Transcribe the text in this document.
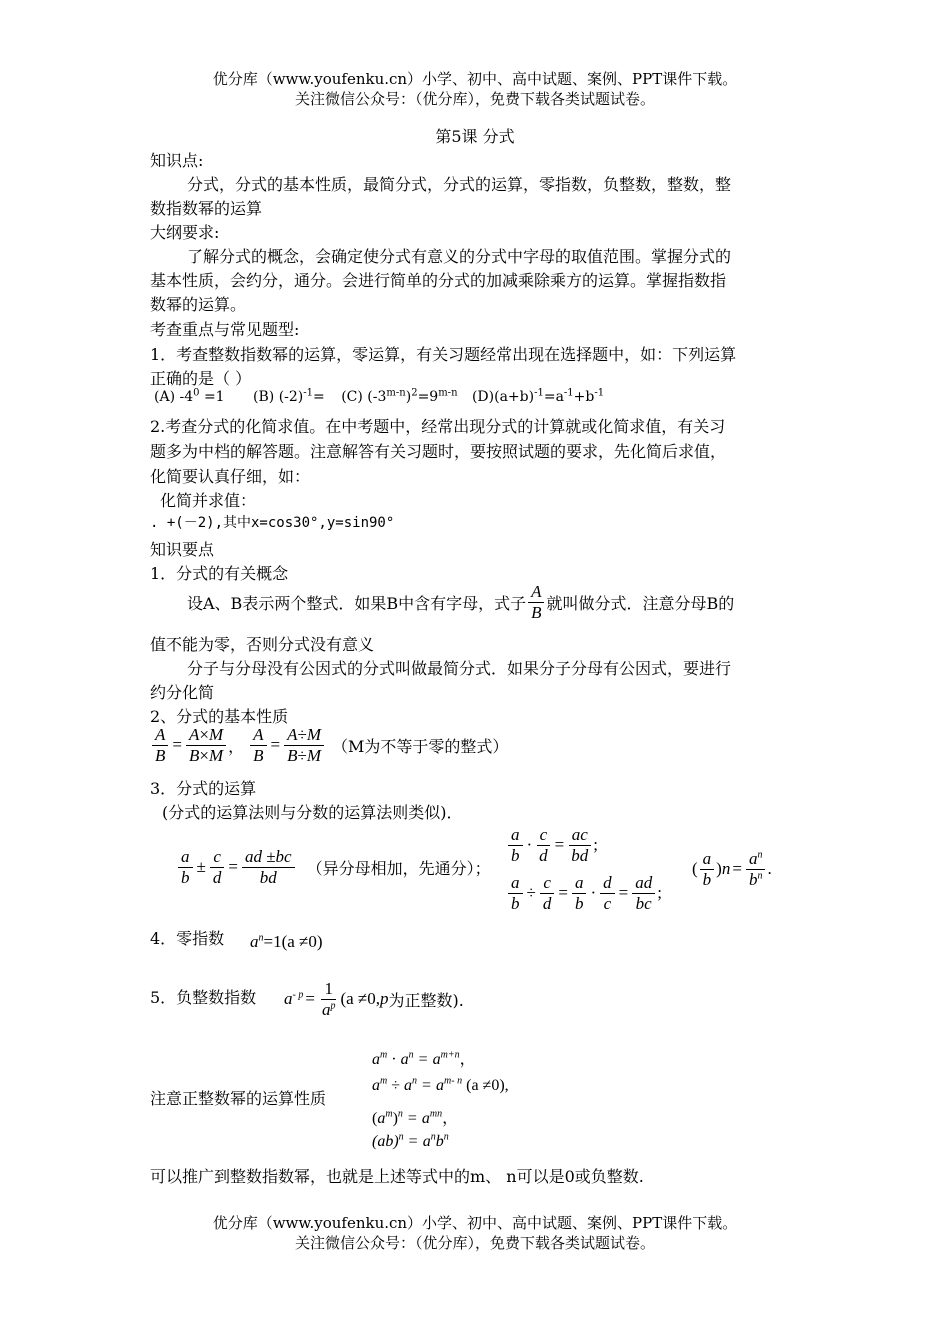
优分库（www.youfenku.cn）小学、初中、高中试题、案例、PPT课件下载。
关注微信公众号：（优分库），免费下载各类试题试卷。
第5课 分式
知识点:
分式，分式的基本性质，最简分式，分式的运算，零指数，负整数，整数，整
数指数幂的运算
大纲要求:
了解分式的概念，会确定使分式有意义的分式中字母的取值范围。掌握分式的
基本性质，会约分，通分。会进行简单的分式的加减乘除乘方的运算。掌握指数指
数幂的运算。
考查重点与常见题型:
1．考查整数指数幂的运算，零运算，有关习题经常出现在选择题中，如：下列运算
正确的是（ ）
(A) $-4^0 =1$ (B) $(-2)^{-1}= (C)$ $(-3^{m-n})^2=9^{m-n}$ $(D)(a+b)^{-1}=a^{-1}+b^{-1}$
2.考查分式的化简求值。在中考题中，经常出现分式的计算就或化简求值，有关习
题多为中档的解答题。注意解答有关习题时，要按照试题的要求，先化简后求值，
化简要认真仔细，如：
化简并求值：
. +(－2),其中x=cos30°,y=sin90°
知识要点
1．分式的有关概念
设A、B表示两个整式．如果B中含有字母，式子 $\frac{A}{B}$ 就叫做分式．注意分母B的
值不能为零，否则分式没有意义
分子与分母没有公因式的分式叫做最简分式．如果分子分母有公因式，要进行
约分化简
2、分式的基本性质
$\frac{A}{B} = \frac{A\times M}{B\times M}$ ， $\frac{A}{B} = \frac{A\div M}{B\div M} (M$为不等于零的整式）
3．分式的运算
(分式的运算法则与分数的运算法则类似)．
$\frac{a}{b} \pm \frac{c}{d} = \frac{ad \pm bc}{bd}$ （异分母相加，先通分）；
$\frac{a}{b} \cdot \frac{c}{d} = \frac{ac}{bd}$ ;
$\frac{a}{b} \div \frac{c}{d} = \frac{a}{b} \cdot \frac{d}{c} = \frac{ad}{bc}$ ;
( $\frac{a}{b}$ ) $n = \frac{a^n}{b^n}$ .
4．零指数 $a^n=1(a \ne 0)$
5．负整数指数 $a^{- p} = \frac{1}{a^p} (a \ne 0$, p 为正整数).
注意正整数幂的运算性质
$a^m \cdot a^n = a^{m+n}$，
$a^m \div a^n = a^{m- n}$ (a ≠0),
$(a^m)^n = a^{mn}$，
$(ab)^n = a^nb^n$
可以推广到整数指数幂，也就是上述等式中的m、 n可以是0或负整数.
优分库（www.youfenku.cn）小学、初中、高中试题、案例、PPT课件下载。
关注微信公众号：（优分库），免费下载各类试题试卷。
